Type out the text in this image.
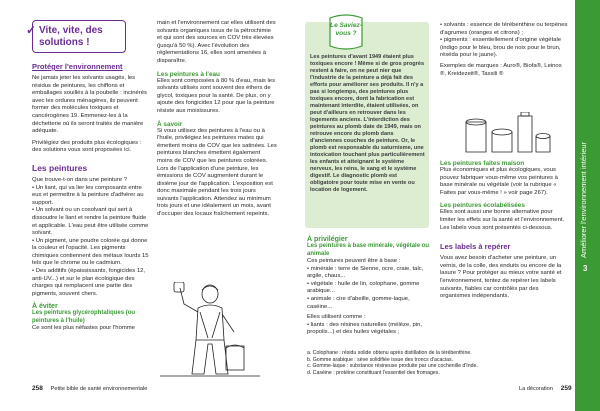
✓ Vite, vite, des solutions !
Protéger l'environnement

Ne jamais jeter les solvants usagés, les résidus de peintures, les chiffons et emballages souillés à la poubelle : incinérés avec les ordures ménagères, ils peuvent former des molécules toxiques et cancérogènes 19. Emmenez-les à la déchetterie où ils seront traités de manière adéquate.

Privilégiez des produits plus écologiques : des solutions vous sont proposées ici.

Les peintures

Que trouve-t-on dans une peinture ?

• Un liant, qui va lier les composants entre eux et permettre à la peinture d'adhérer au support.

• Un solvant ou un cosolvant qui sert à dissoudre le liant et rendre la peinture fluide et applicable. L'eau peut être utilisée comme solvant.

• Un pigment, une poudre colorée qui donne la couleur et l'opacité. Les pigments chimiques contiennent des métaux lourds 15 tels que le chrome ou le cadmium.

• Des additifs (épaississants, fongicides 12, anti-UV...) et sur le plan écologique des charges qui remplacent une partie des pigments, souvent chers.

À éviter
Les peintures glycérophtaliques (ou peintures à l'huile)

Ce sont les plus néfastes pour l'homme

main et l'environnement car elles utilisent des solvants organiques issus de la pétrochimie et qui sont des sources en COV très élevées (jusqu'à 50 %). Avec l'évolution des réglementations 16, elles sont amenées à disparaître.

Les peintures à l'eau

Elles sont composées à 80 % d'eau, mais les solvants utilisés sont souvent des éthers de glycol, toxiques pour la santé. De plus, on y ajoute des fongicides 12 pour que la peinture résiste aux moisissures.

À savoir

Si vous utilisez des peintures à l'eau ou à l'huile, privilégiez les peintures mates qui émettent moins de COV que les satinées. Les peintures blanches émettent également moins de COV que les peintures colorées.

Lors de l'application d'une peinture, les émissions de COV augmentent durant le dixième jour de l'application. L'exposition est donc maximale pendant les trois jours suivants l'application. Attendez au minimum trois jours et une idéalement un mois, avant d'occuper des locaux fraîchement repeints.

258 Petite bible de santé environnementale
Le Saviez-vous ?

Les peintures d'avant 1949 étaient plus toxiques encore ! Même si de gros progrès restent à faire, on ne peut nier que l'industrie de la peinture a déjà fait des efforts pour améliorer ses produits. Il n'y a pas si longtemps, des peintures plus toxiques encore, dont la fabrication est maintenant interdite, étaient utilisées, on peut d'ailleurs en retrouver dans les logements anciens. L'interdiction des peintures au plomb date de 1949, mais on retrouve encore du plomb dans d'anciennes couches de peinture. Or, le plomb est responsable du saturnisme, une intoxication touchant plus particulièrement les enfants et atteignant le système nerveux, les reins, le sang et le système digestif. Le diagnostic plomb est obligatoire pour toute mise en vente ou location de logement.

À privilégier
Les peintures à base minérale, végétale ou animale

Ces peintures peuvent être à base :

• minérale : terre de Sienne, ocre, craie, talc, argile, chaux...

• végétale : huile de lin, colophane, gomme arabique...

• animale : cire d'abeille, gomme-laque, caséine...

Elles utilisent comme :

• liants : des résines naturelles (mélèze, pin, propolis...) et des huiles végétales ;

a. Colophane : résidu solide obtenu après distillation de la térébenthine.

b. Gomme arabique : sève solidifiée issue des troncs d'acacias.

c. Gomme-laque : substance résineuse produite par une cochenille d'Inde.

d. Caséine : protéine constituant l'essentiel des fromages.

• solvants : essence de térébenthine ou terpènes d'agrumes (oranges et citrons) ;

• pigments : essentiellement d'origine végétale (indigo pour le bleu, brou de noix pour le brun, réséda pour le jaune).

Exemples de marques : Auro®, Biofa®, Leinos ®, Kreidezeit®, Tassili ®

Les peintures faites maison

Plus économiques et plus écologiques, vous pouvez fabriquer vous-même vos peintures à base minérale ou végétale (voir la rubrique « Faites par vous-même ! » voir page 267).

Les peintures écolabélisées

Elles sont aussi une bonne alternative pour limiter les effets sur la santé et l'environnement. Les labels vous sont présentés ci-dessous.

Les labels à repérer

Vous avez besoin d'acheter une peinture, un vernis, de la colle, des enduits ou encore de la lasure ? Pour protéger au mieux votre santé et l'environnement, tentez de repérer les labels suivants, fiables car contrôlés par des organismes indépendants.

La décoration 259
3
Améliorer l'environnement intérieur
